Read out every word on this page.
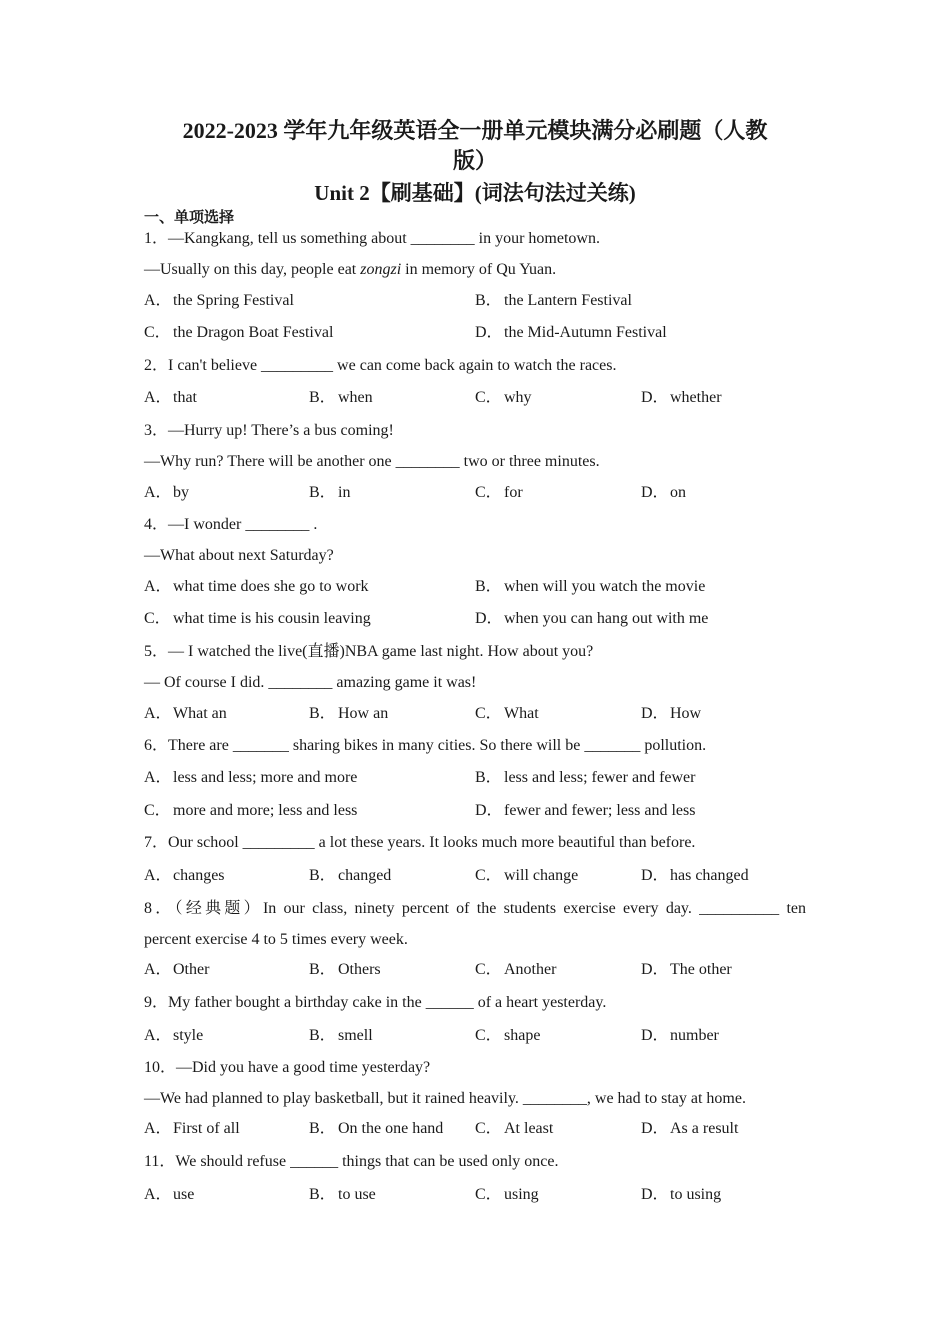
2022-2023 学年九年级英语全一册单元模块满分必刷题（人教
版）
Unit 2【刷基础】(词法句法过关练)
一、单项选择
1．—Kangkang, tell us something about ________ in your hometown.
—Usually on this day, people eat zongzi in memory of Qu Yuan.
A．the Spring Festival	B． the Lantern Festival
C． the Dragon Boat Festival	D．the Mid-Autumn Festival
2．I can't believe _________ we can come back again to watch the races.
A．that	B． when	C． why	D．whether
3．—Hurry up! There’s a bus coming!
—Why run? There will be another one ________ two or three minutes.
A．by	B． in	C． for	D．on
4．—I wonder ________ .
—What about next Saturday?
A．what time does she go to work	B． when will you watch the movie
C． what time is his cousin leaving	D．when you can hang out with me
5．— I watched the live(直播)NBA game last night. How about you?
— Of course I did. ________ amazing game it was!
A．What an	B． How an	C． What	D．How
6．There are _______ sharing bikes in many cities. So there will be _______ pollution.
A．less and less; more and more	B． less and less; fewer and fewer
C． more and more; less and less	D．fewer and fewer; less and less
7．Our school _________ a lot these years. It looks much more beautiful than before.
A．changes	B． changed	C． will change	D．has changed
8．（经典题）In our class, ninety percent of the students exercise every day. __________ ten
percent exercise 4 to 5 times every week.
A．Other	B． Others	C． Another	D．The other
9．My father bought a birthday cake in the ______ of a heart yesterday.
A．style	B． smell	C． shape	D．number
10．—Did you have a good time yesterday?
—We had planned to play basketball, but it rained heavily. ________, we had to stay at home.
A．First of all	B． On the one hand C． At least	D．As a result
11．We should refuse ______ things that can be used only once.
A．use	B． to use	C． using	D．to using
